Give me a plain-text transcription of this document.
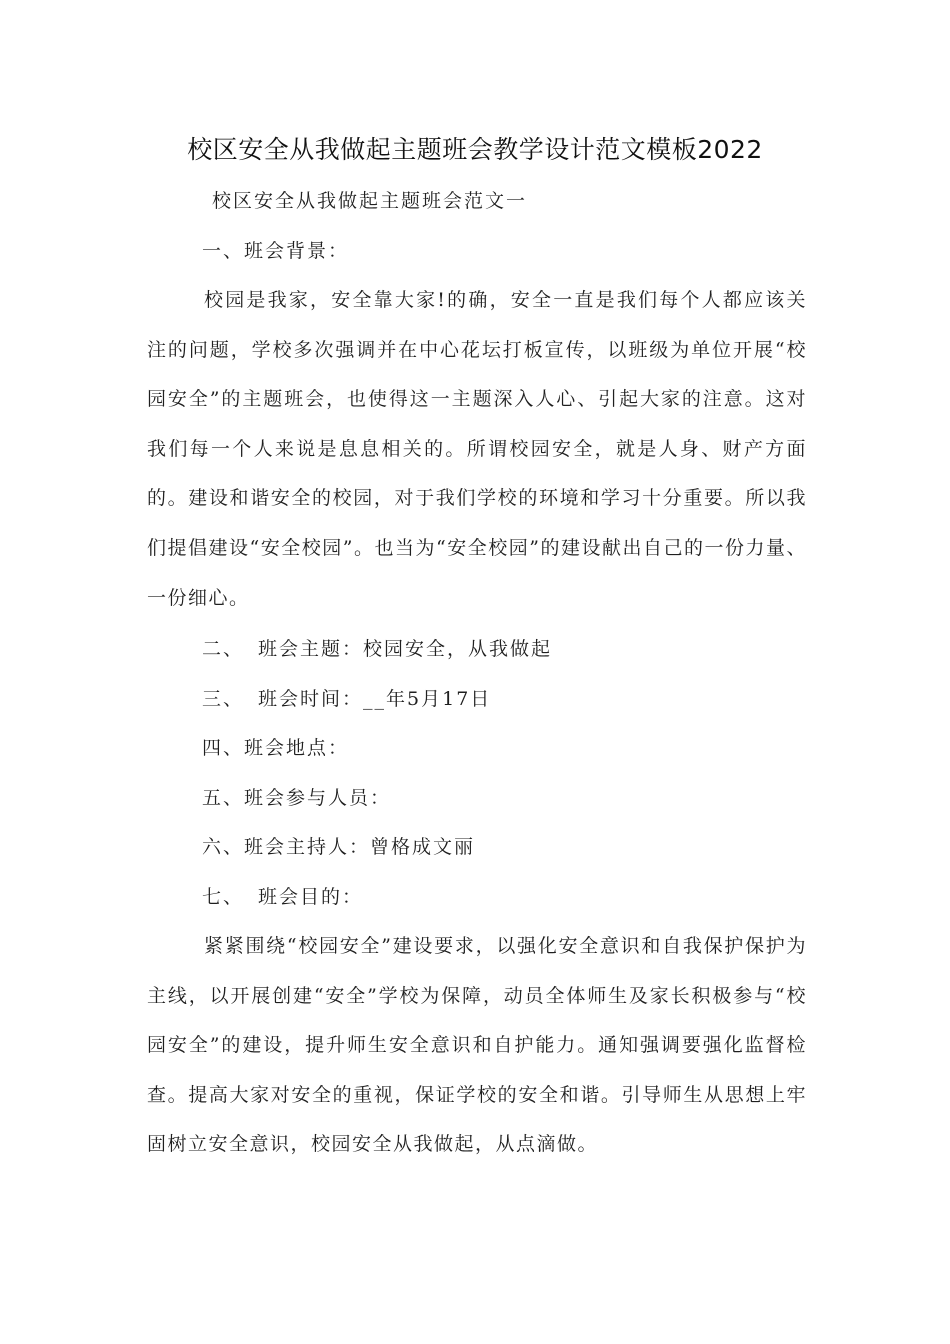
校区安全从我做起主题班会教学设计范文模板2022
校区安全从我做起主题班会范文一
一、班会背景：
校园是我家，安全靠大家!的确，安全一直是我们每个人都应该关注的问题，学校多次强调并在中心花坛打板宣传，以班级为单位开展“校园安全”的主题班会，也使得这一主题深入人心、引起大家的注意。这对我们每一个人来说是息息相关的。所谓校园安全，就是人身、财产方面的。建设和谐安全的校园，对于我们学校的环境和学习十分重要。所以我们提倡建设“安全校园”。也当为“安全校园”的建设献出自己的一份力量、一份细心。
二、 班会主题：校园安全，从我做起
三、 班会时间：__年5月17日
四、班会地点：
五、班会参与人员：
六、班会主持人：曾格成文丽
七、 班会目的：
紧紧围绕“校园安全”建设要求，以强化安全意识和自我保护保护为主线，以开展创建“安全”学校为保障，动员全体师生及家长积极参与“校园安全”的建设，提升师生安全意识和自护能力。通知强调要强化监督检查。提高大家对安全的重视，保证学校的安全和谐。引导师生从思想上牢固树立安全意识，校园安全从我做起，从点滴做。
